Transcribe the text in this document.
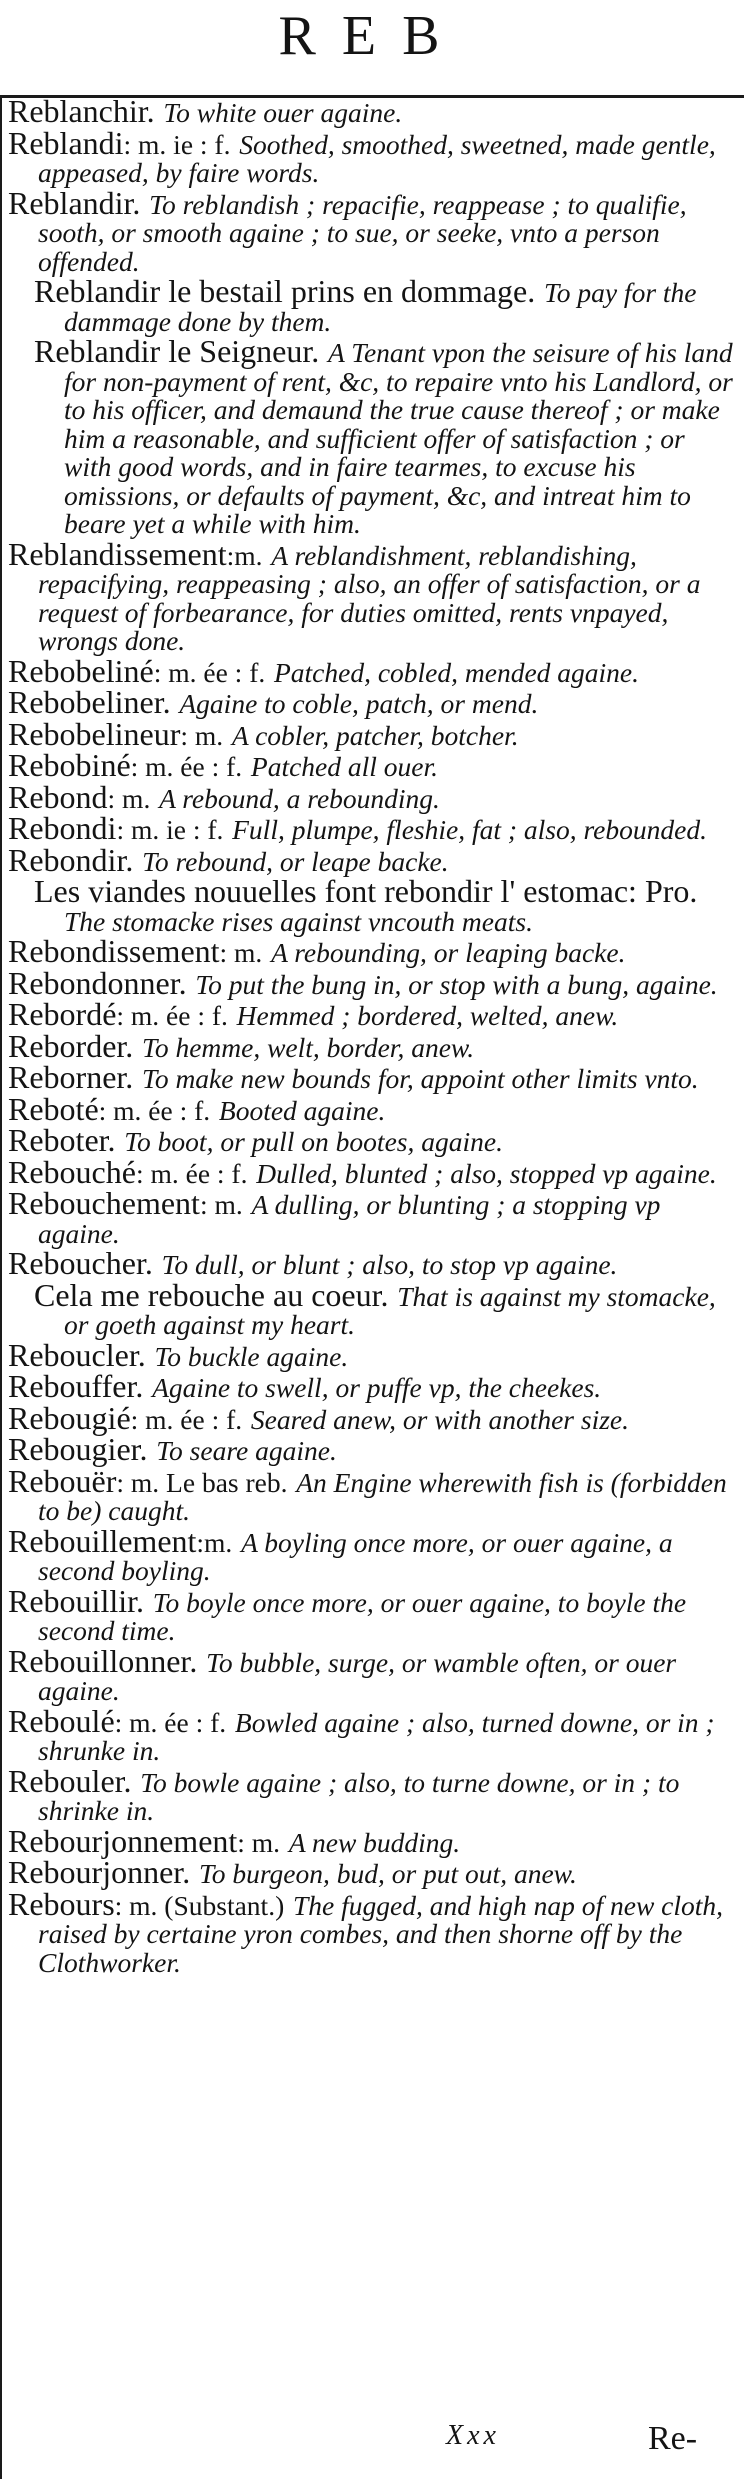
REB
Reblanchir. To white ouer againe.
Reblandi: m. ie : f. Soothed, smoothed, sweetned, made gentle, appeased, by faire words.
Reblandir. To reblandish ; repacifie, reappease ; to qualifie, sooth, or smooth againe ; to sue, or seeke, vnto a person offended.
Reblandir le bestail prins en dommage. To pay for the dammage done by them.
Reblandir le Seigneur. A Tenant vpon the seisure of his land for non-payment of rent, &c, to repaire vnto his Landlord, or to his officer, and demaund the true cause thereof ; or make him a reasonable, and sufficient offer of satisfaction ; or with good words, and in faire tearmes, to excuse his omissions, or defaults of payment, &c, and intreat him to beare yet a while with him.
Reblandissement:m. A reblandishment, reblandishing, repacifying, reappeasing ; also, an offer of satisfaction, or a request of forbearance, for duties omitted, rents vnpayed, wrongs done.
Rebobeliné: m. ée : f. Patched, cobled, mended againe.
Rebobeliner. Againe to coble, patch, or mend.
Rebobelineur: m. A cobler, patcher, botcher.
Rebobiné: m. ée : f. Patched all ouer.
Rebond: m. A rebound, a rebounding.
Rebondi: m. ie : f. Full, plumpe, fleshie, fat ; also, rebounded.
Rebondir. To rebound, or leape backe.
Les viandes nouuelles font rebondir l' estomac: Pro. The stomacke rises against vncouth meats.
Rebondissement: m. A rebounding, or leaping backe.
Rebondonner. To put the bung in, or stop with a bung, againe.
Rebordé: m. ée : f. Hemmed ; bordered, welted, anew.
Reborder. To hemme, welt, border, anew.
Reborner. To make new bounds for, appoint other limits vnto.
Reboté: m. ée : f. Booted againe.
Reboter. To boot, or pull on bootes, againe.
Rebouché: m. ée : f. Dulled, blunted ; also, stopped vp againe.
Rebouchement: m. A dulling, or blunting ; a stopping vp againe.
Reboucher. To dull, or blunt ; also, to stop vp againe.
Cela me rebouche au coeur. That is against my stomacke, or goeth against my heart.
Reboucler. To buckle againe.
Rebouffer. Againe to swell, or puffe vp, the cheekes.
Rebougié: m. ée : f. Seared anew, or with another size.
Rebougier. To seare againe.
Rebouër: m. Le bas reb. An Engine wherewith fish is (forbidden to be) caught.
Rebouillement:m. A boyling once more, or ouer againe, a second boyling.
Rebouillir. To boyle once more, or ouer againe, to boyle the second time.
Rebouillonner. To bubble, surge, or wamble often, or ouer againe.
Reboulé: m. ée : f. Bowled againe ; also, turned downe, or in ; shrunke in.
Rebouler. To bowle againe ; also, to turne downe, or in ; to shrinke in.
Rebourjonnement: m. A new budding.
Rebourjonner. To burgeon, bud, or put out, anew.
Rebours: m. (Substant.) The fugged, and high nap of new cloth, raised by certaine yron combes, and then shorne off by the Clothworker.
Xxx	Re-
